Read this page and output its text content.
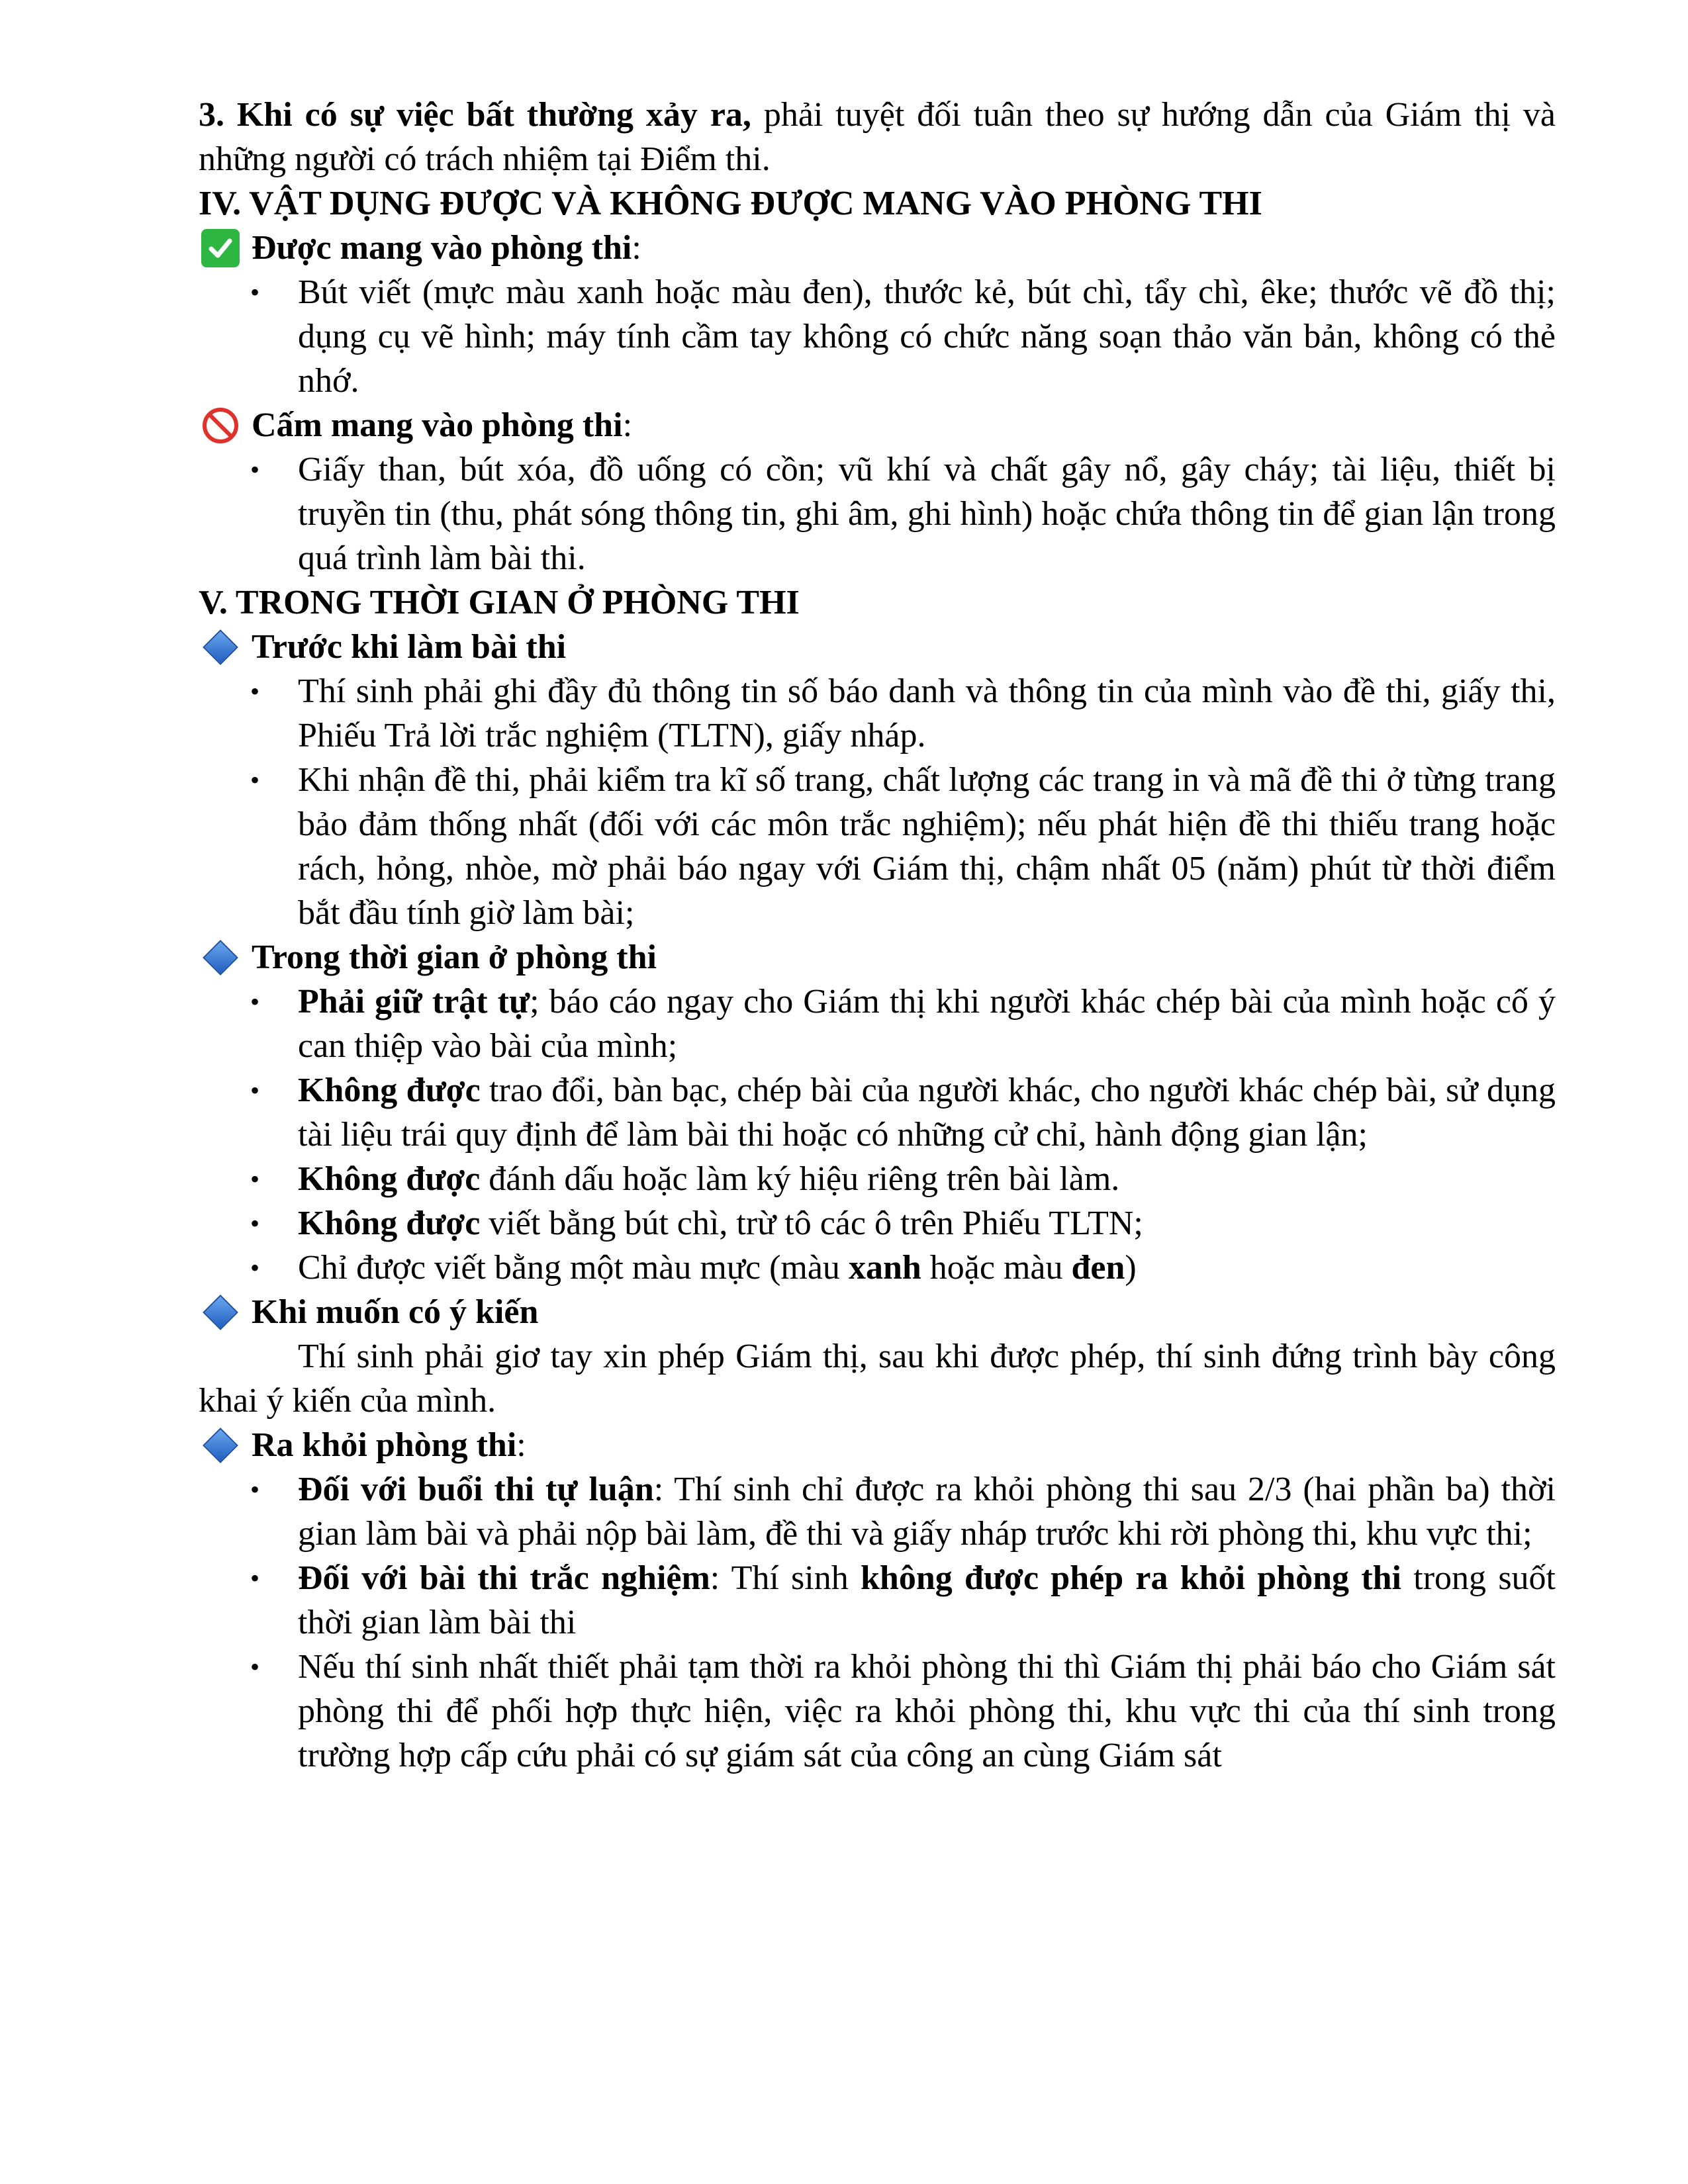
3. Khi có sự việc bất thường xảy ra, phải tuyệt đối tuân theo sự hướng dẫn của Giám thị và những người có trách nhiệm tại Điểm thi.

IV. VẬT DỤNG ĐƯỢC VÀ KHÔNG ĐƯỢC MANG VÀO PHÒNG THI

Được mang vào phòng thi :

• Bút viết (mực màu xanh hoặc màu đen), thước kẻ, bút chì, tẩy chì, êke; thước vẽ đồ thị; dụng cụ vẽ hình; máy tính cầm tay không có chức năng soạn thảo văn bản, không có thẻ nhớ.

Cấm mang vào phòng thi :

• Giấy than, bút xóa, đồ uống có cồn; vũ khí và chất gây nổ, gây cháy; tài liệu, thiết bị truyền tin (thu, phát sóng thông tin, ghi âm, ghi hình) hoặc chứa thông tin để gian lận trong quá trình làm bài thi.

V. TRONG THỜI GIAN Ở PHÒNG THI

Trước khi làm bài thi

• Thí sinh phải ghi đầy đủ thông tin số báo danh và thông tin của mình vào đề thi, giấy thi, Phiếu Trả lời trắc nghiệm (TLTN), giấy nháp.
• Khi nhận đề thi, phải kiểm tra kĩ số trang, chất lượng các trang in và mã đề thi ở từng trang bảo đảm thống nhất (đối với các môn trắc nghiệm); nếu phát hiện đề thi thiếu trang hoặc rách, hỏng, nhòe, mờ phải báo ngay với Giám thị, chậm nhất 05 (năm) phút từ thời điểm bắt đầu tính giờ làm bài;

Trong thời gian ở phòng thi

• Phải giữ trật tự; báo cáo ngay cho Giám thị khi người khác chép bài của mình hoặc cố ý can thiệp vào bài của mình;
• Không được trao đổi, bàn bạc, chép bài của người khác, cho người khác chép bài, sử dụng tài liệu trái quy định để làm bài thi hoặc có những cử chỉ, hành động gian lận;
• Không được đánh dấu hoặc làm ký hiệu riêng trên bài làm.
• Không được viết bằng bút chì, trừ tô các ô trên Phiếu TLTN;
• Chỉ được viết bằng một màu mực (màu xanh hoặc màu đen)

Khi muốn có ý kiến

Thí sinh phải giơ tay xin phép Giám thị, sau khi được phép, thí sinh đứng trình bày công khai ý kiến của mình.

Ra khỏi phòng thi :

• Đối với buổi thi tự luận: Thí sinh chỉ được ra khỏi phòng thi sau 2/3 (hai phần ba) thời gian làm bài và phải nộp bài làm, đề thi và giấy nháp trước khi rời phòng thi, khu vực thi;
• Đối với bài thi trắc nghiệm: Thí sinh không được phép ra khỏi phòng thi trong suốt thời gian làm bài thi
• Nếu thí sinh nhất thiết phải tạm thời ra khỏi phòng thi thì Giám thị phải báo cho Giám sát phòng thi để phối hợp thực hiện, việc ra khỏi phòng thi, khu vực thi của thí sinh trong trường hợp cấp cứu phải có sự giám sát của công an cùng Giám sát
